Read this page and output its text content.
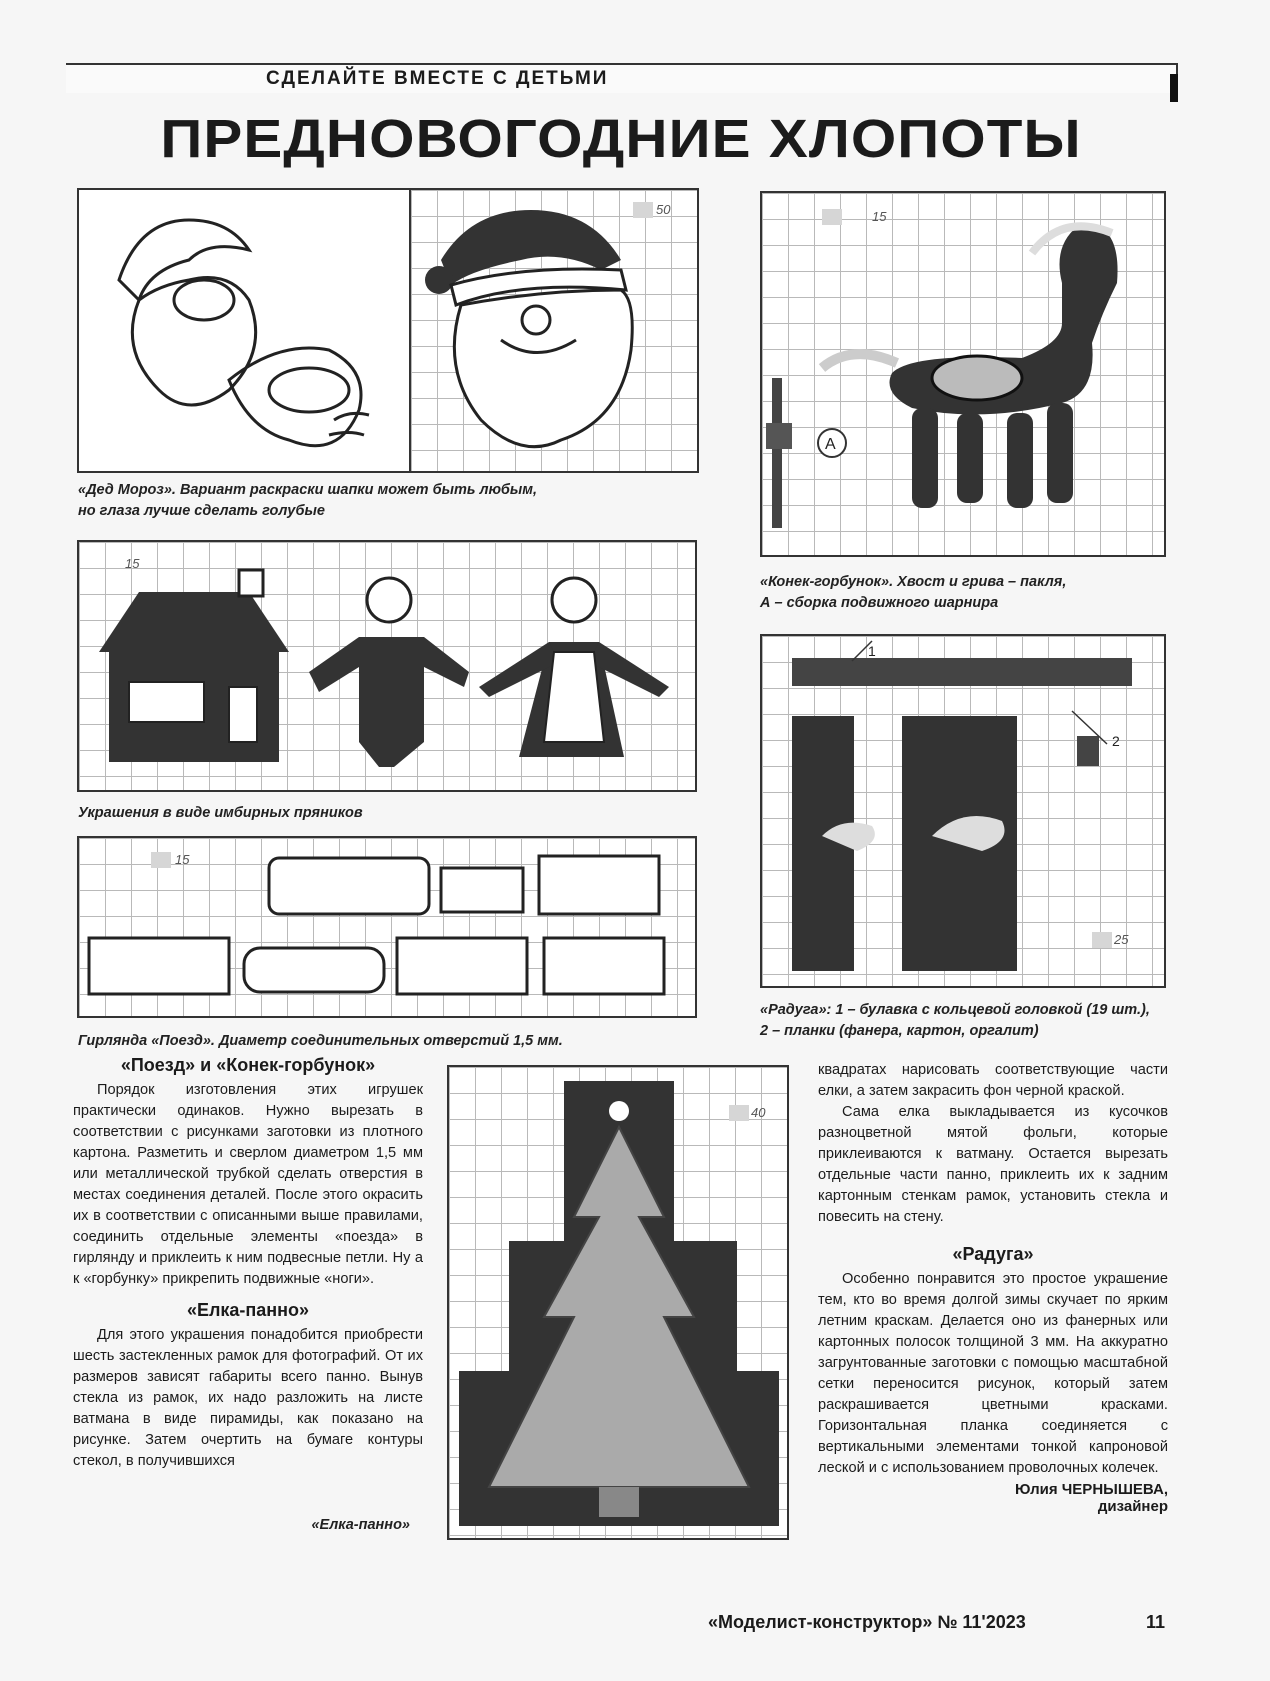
СДЕЛАЙТЕ ВМЕСТЕ С ДЕТЬМИ
ПРЕДНОВОГОДНИЕ ХЛОПОТЫ
50
«Дед Мороз». Вариант раскраски шапки может быть любым,
но глаза лучше сделать голубые
15
А
«Конек-горбунок». Хвост и грива – пакля,
А – сборка подвижного шарнира
15
Украшения в виде имбирных пряников
1
2
25
«Радуга»: 1 – булавка с кольцевой головкой (19 шт.),
2 – планки (фанера, картон, оргалит)
15
Гирлянда «Поезд». Диаметр соединительных отверстий 1,5 мм.
40
«Елка-панно»
«Поезд» и «Конек-горбунок»

Порядок изготовления этих игрушек практически одинаков. Нужно вырезать в соответствии с рисунками заготовки из плотного картона. Разметить и сверлом диаметром 1,5 мм или металлической трубкой сделать отверстия в местах соединения деталей. После этого окрасить их в соответствии с описанными выше правилами, соединить отдельные элементы «поезда» в гирлянду и приклеить к ним подвесные петли. Ну а к «горбунку» прикрепить подвижные «ноги».

«Елка-панно»

Для этого украшения понадобится приобрести шесть застекленных рамок для фотографий. От их размеров зависят габариты всего панно. Вынув стекла из рамок, их надо разложить на листе ватмана в виде пирамиды, как показано на рисунке. Затем очертить на бумаге контуры стекол, в получившихся

квадратах нарисовать соответствующие части елки, а затем закрасить фон черной краской.

Сама елка выкладывается из кусочков разноцветной мятой фольги, которые приклеиваются к ватману. Остается вырезать отдельные части панно, приклеить их к задним картонным стенкам рамок, установить стекла и повесить на стену.

«Радуга»

Особенно понравится это простое украшение тем, кто во время долгой зимы скучает по ярким летним краскам. Делается оно из фанерных или картонных полосок толщиной 3 мм. На аккуратно загрунтованные заготовки с помощью масштабной сетки переносится рисунок, который затем раскрашивается цветными красками. Горизонтальная планка соединяется с вертикальными элементами тонкой капроновой леской и с использованием проволочных колечек.

Юлия ЧЕРНЫШЕВА,
дизайнер
«Моделист-конструктор» № 11'2023	11
